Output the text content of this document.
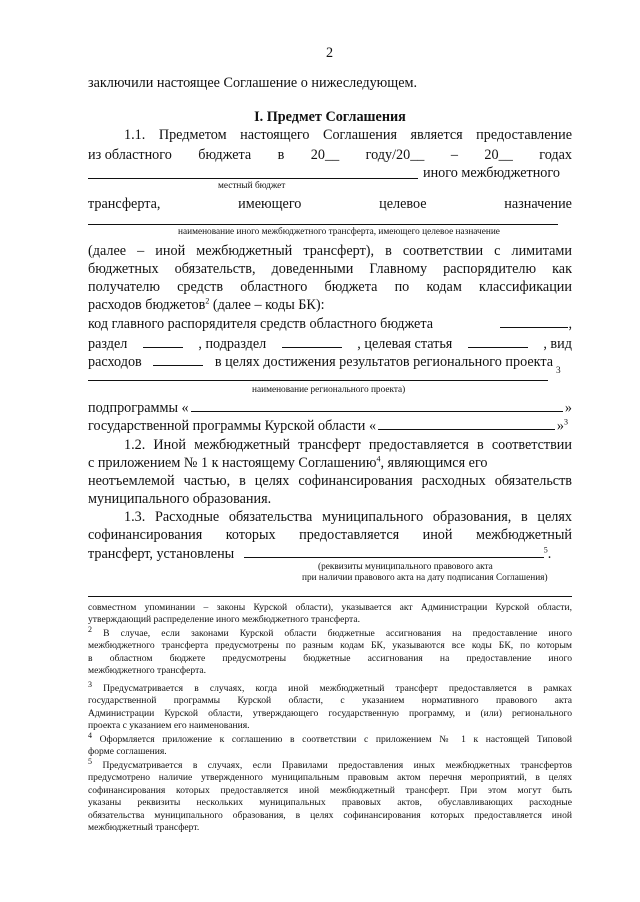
2
заключили настоящее Соглашение о нижеследующем.
I. Предмет Соглашения
1.1. Предметом настоящего Соглашения является предоставление
из областного бюджета в 20__ году/20__ – 20__ годах
иного межбюджетного
местный бюджет
трансферта,	имеющего	целевое	назначение
наименование иного межбюджетного трансферта, имеющего целевое назначение
(далее – иной межбюджетный трансферт), в соответствии с лимитами
бюджетных обязательств, доведенными Главному распорядителю как
получателю средств областного бюджета по кодам классификации
расходов бюджетов$^2$ (далее – коды БК):
код главного распорядителя средств областного бюджета	,
раздел	, подраздел	, целевая статья	, вид
расходов	в целях достижения результатов регионального проекта
3
наименование регионального проекта)
подпрограммы «	»
государственной программы Курской области «	»$^3$
1.2. Иной межбюджетный трансферт предоставляется в соответствии
с приложением № 1 к настоящему Соглашению$^4$, являющимся его
неотъемлемой частью, в целях софинансирования расходных обязательств
муниципального образования.
1.3. Расходные обязательства муниципального образования, в целях
софинансирования которых предоставляется иной межбюджетный
трансферт, установлены	$^5$.
(реквизиты муниципального правового акта
при наличии правового акта на дату подписания Соглашения)
совместном упоминании – законы Курской области), указывается акт Администрации Курской области,
утверждающий распределение иного межбюджетного трансферта.
$^2$ В случае, если законами Курской области бюджетные ассигнования на предоставление иного
межбюджетного трансферта предусмотрены по разным кодам БК, указываются все коды БК, по которым
в областном бюджете предусмотрены бюджетные ассигнования на предоставление иного
межбюджетного трансферта.
$^3$ Предусматривается в случаях, когда иной межбюджетный трансферт предоставляется в рамках
государственной программы Курской области, с указанием нормативного правового акта
Администрации Курской области, утверждающего государственную программу, и (или) регионального
проекта с указанием его наименования.
$^4$ Оформляется приложение к соглашению в соответствии с приложением № 1 к настоящей Типовой
форме соглашения.
$^5$ Предусматривается в случаях, если Правилами предоставления иных межбюджетных трансфертов
предусмотрено наличие утвержденного муниципальным правовым актом перечня мероприятий, в целях
софинансирования которых предоставляется иной межбюджетный трансферт. При этом могут быть
указаны реквизиты нескольких муниципальных правовых актов, обуславливающих расходные
обязательства муниципального образования, в целях софинансирования которых предоставляется иной
межбюджетный трансферт.
